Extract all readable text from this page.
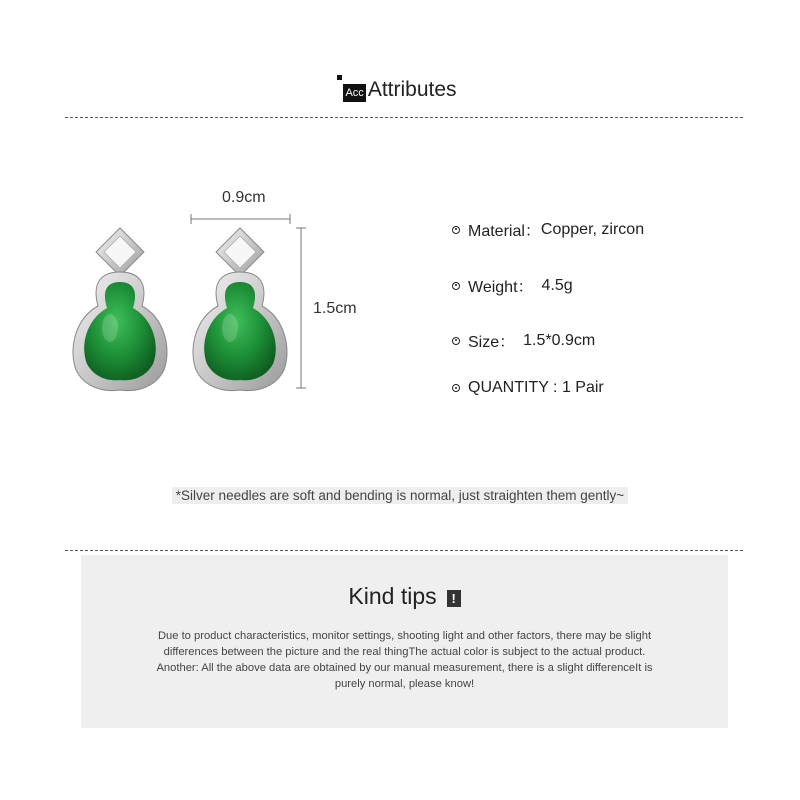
Acc Attributes
0.9cm
1.5cm
Material： Copper, zircon
Weight： 4.5g
Size： 1.5*0.9cm
QUANTITY : 1 Pair
*Silver needles are soft and bending is normal, just straighten them gently~
Kind tips !
Due to product characteristics, monitor settings, shooting light and other factors, there may be slight
differences between the picture and the real thingThe actual color is subject to the actual product.
Another: All the above data are obtained by our manual measurement, there is a slight differenceIt is
purely normal, please know!
